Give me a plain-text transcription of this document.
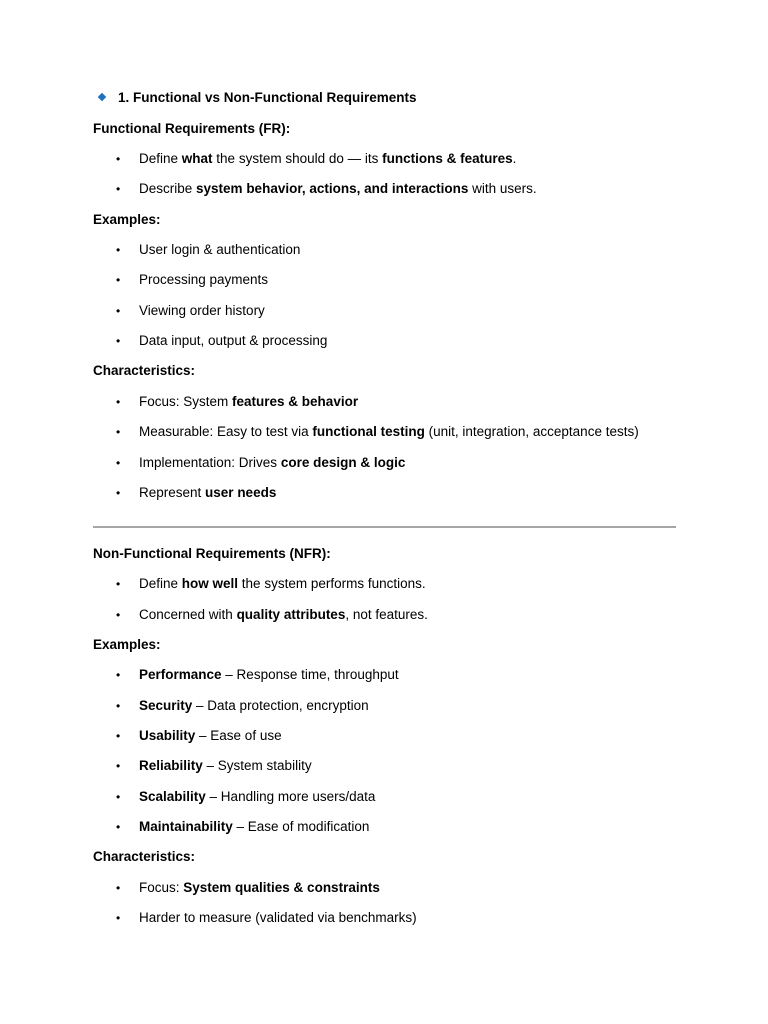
1. Functional vs Non-Functional Requirements
Functional Requirements (FR):
• Define what the system should do — its functions & features.
• Describe system behavior, actions, and interactions with users.
Examples:
• User login & authentication
• Processing payments
• Viewing order history
• Data input, output & processing
Characteristics:
• Focus: System features & behavior
• Measurable: Easy to test via functional testing (unit, integration, acceptance tests)
• Implementation: Drives core design & logic
• Represent user needs
Non-Functional Requirements (NFR):
• Define how well the system performs functions.
• Concerned with quality attributes, not features.
Examples:
• Performance – Response time, throughput
• Security – Data protection, encryption
• Usability – Ease of use
• Reliability – System stability
• Scalability – Handling more users/data
• Maintainability – Ease of modification
Characteristics:
• Focus: System qualities & constraints
• Harder to measure (validated via benchmarks)
